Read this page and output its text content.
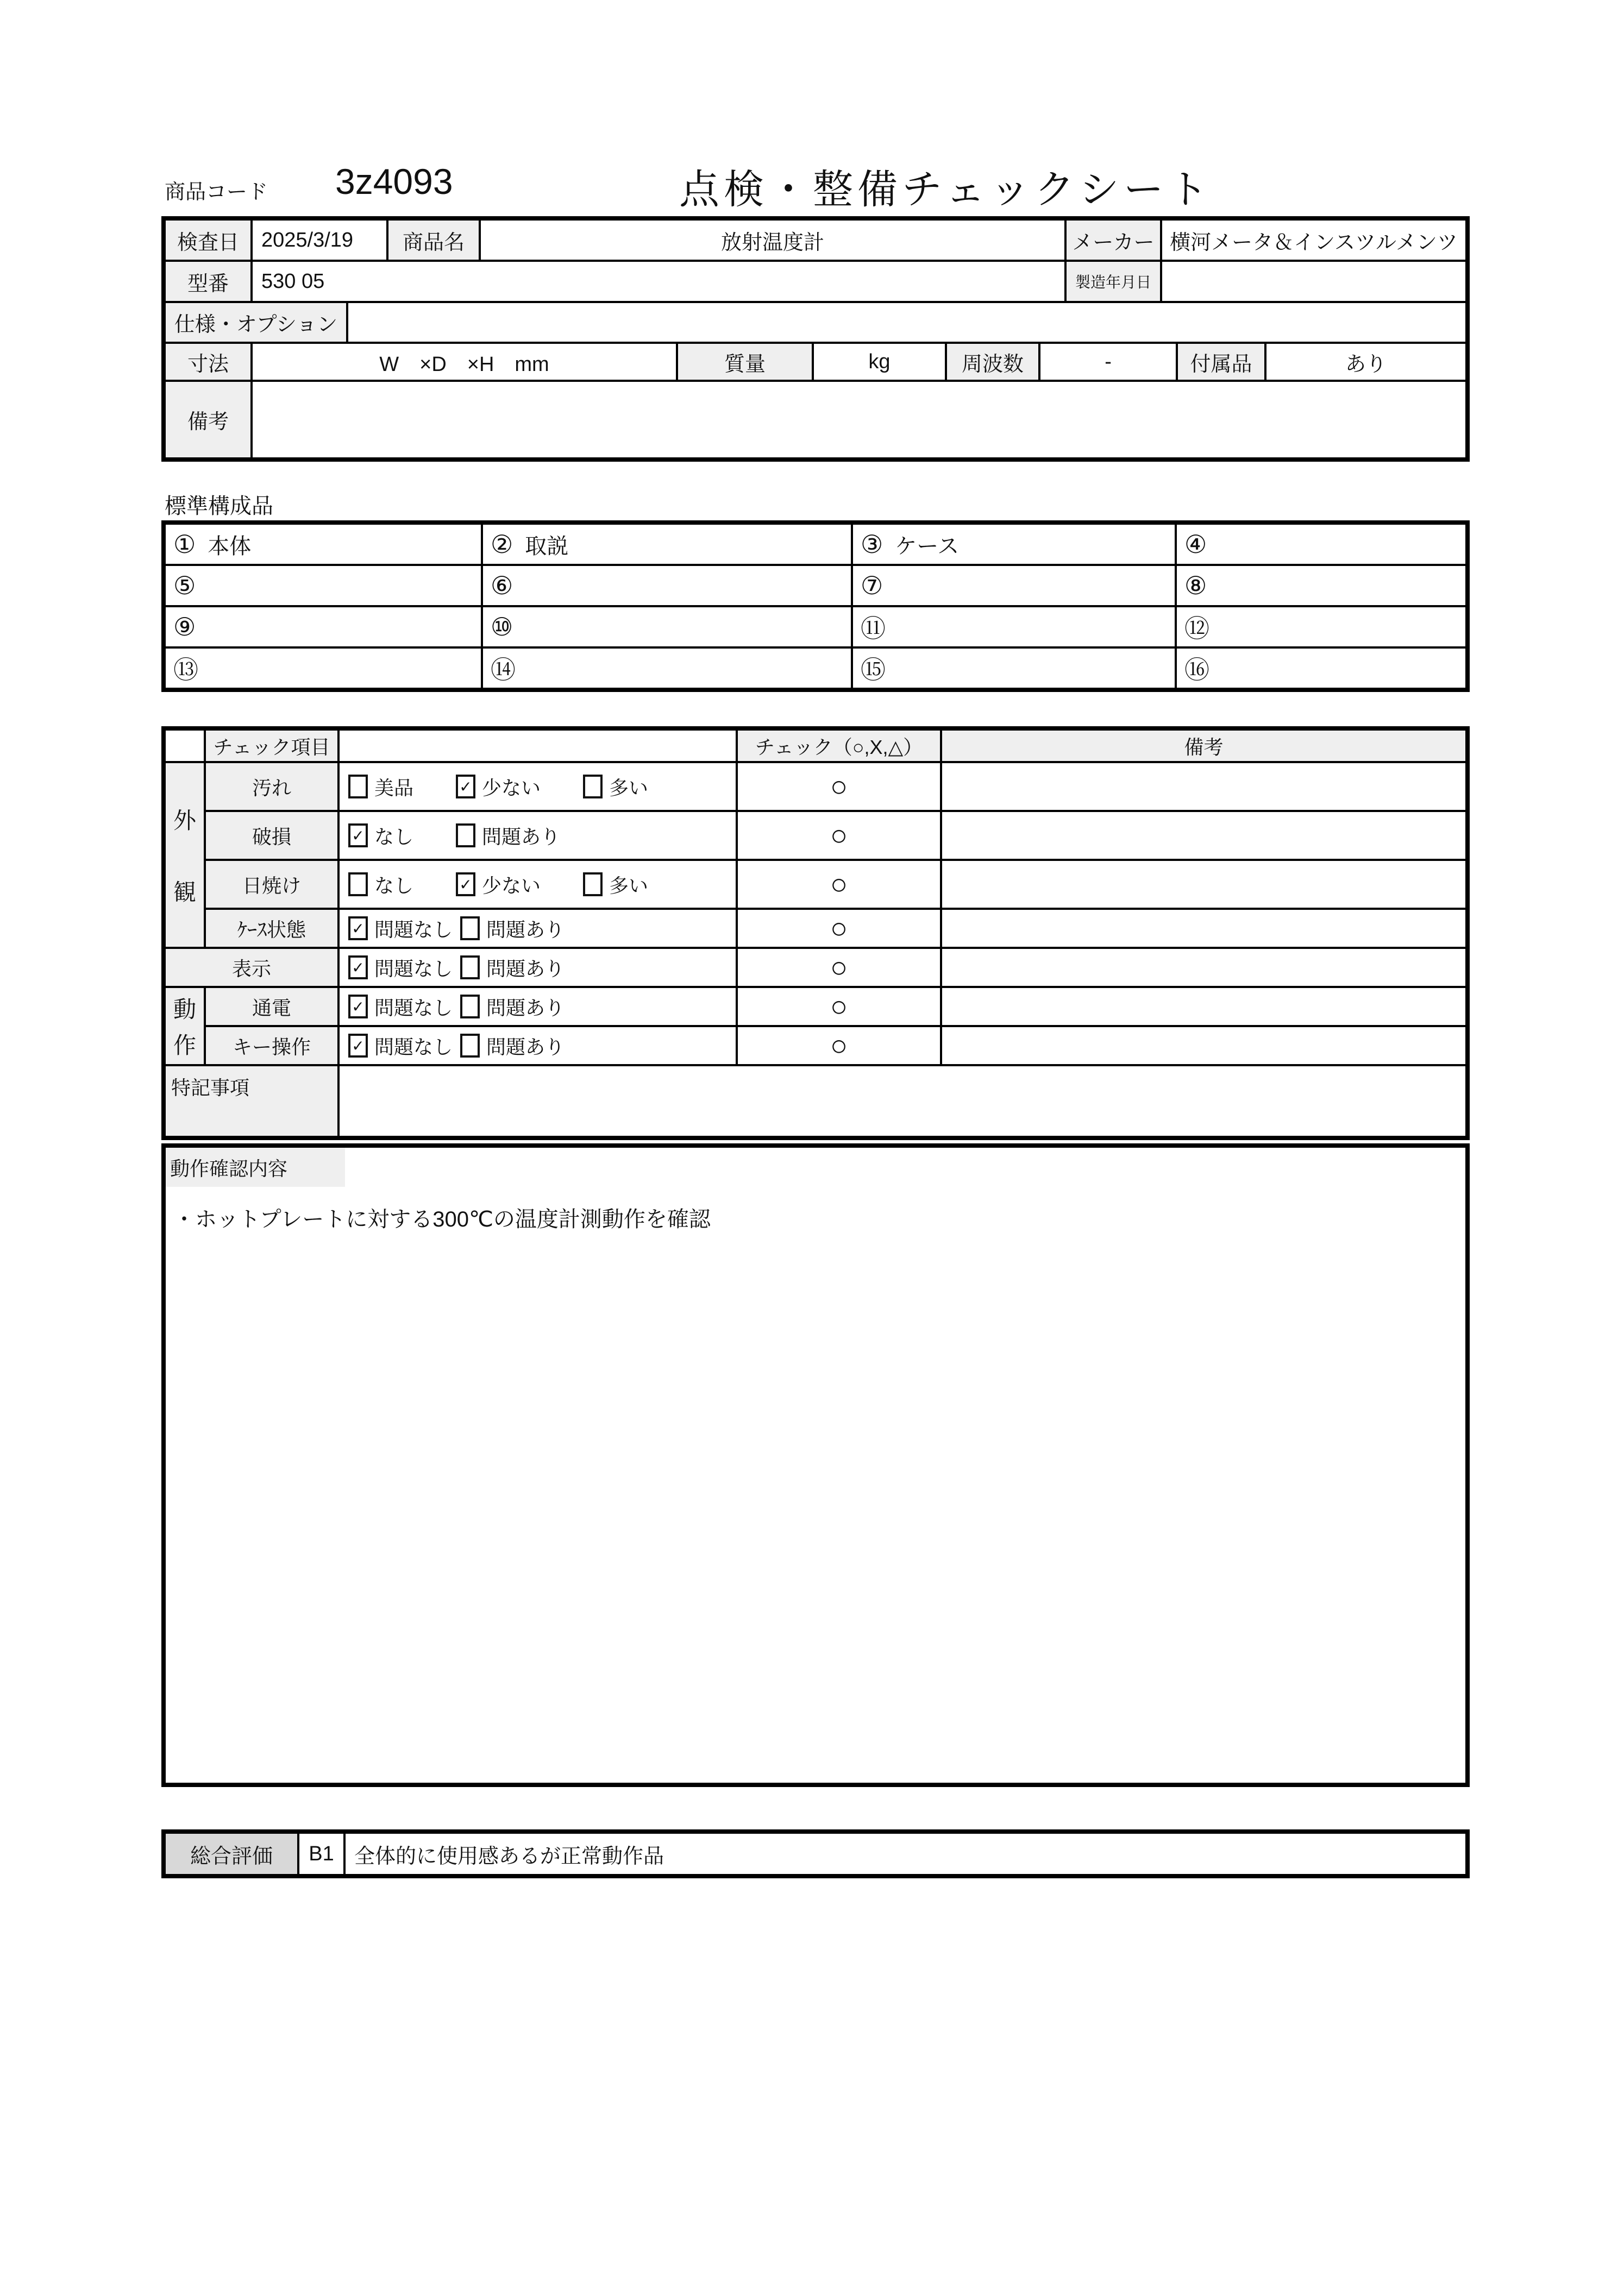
商品コード 3z4093	点検・整備チェックシート
検査日	2025/3/19		商品名	放射温度計					メーカー	横河メータ＆インスツルメンツ		
型番	530 05								製造年月日			
仕様・オプション												
寸法	W　×D　×H　mm				質量	kg	周波数	-			付属品	あり
備考												
標準構成品
① 本体	② 取説	③ ケース	④

⑤	⑥	⑦	⑧

⑨	⑩	⑪	⑫

⑬	⑭	⑮	⑯
	チェック項目		チェック（○,X,△）	備考

外
観	汚れ	美品 ✓ 少ない 多い	○	
	破損	✓ なし 問題あり	○	
	日焼け	なし ✓ 少ない 多い	○	
	ｹｰｽ状態	✓ 問題なし 問題あり	○	
表示		✓ 問題なし 問題あり	○	

動
作	通電	✓ 問題なし 問題あり	○	
	キー操作	✓ 問題なし 問題あり	○	
特記事項				
動作確認内容
・ホットプレートに対する300℃の温度計測動作を確認
総合評価	B1	全体的に使用感あるが正常動作品
